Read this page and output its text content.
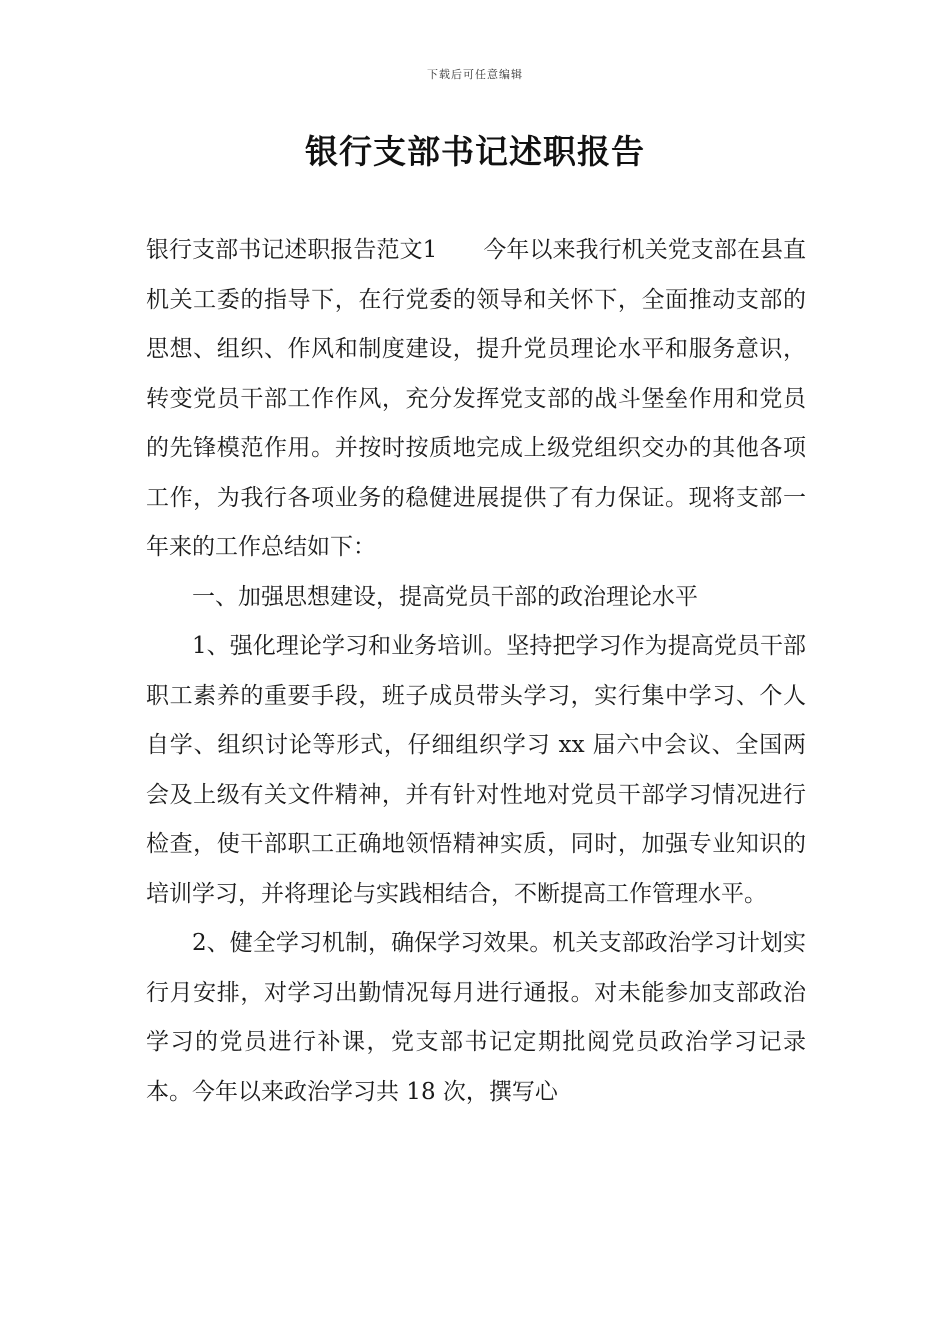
下载后可任意编辑
银行支部书记述职报告

银行支部书记述职报告范文1　　今年以来我行机关党支部在县直机关工委的指导下，在行党委的领导和关怀下，全面推动支部的思想、组织、作风和制度建设，提升党员理论水平和服务意识，转变党员干部工作作风，充分发挥党支部的战斗堡垒作用和党员的先锋模范作用。并按时按质地完成上级党组织交办的其他各项工作，为我行各项业务的稳健进展提供了有力保证。现将支部一年来的工作总结如下：

一、加强思想建设，提高党员干部的政治理论水平

1、强化理论学习和业务培训。坚持把学习作为提高党员干部职工素养的重要手段，班子成员带头学习，实行集中学习、个人自学、组织讨论等形式，仔细组织学习 xx 届六中会议、全国两会及上级有关文件精神，并有针对性地对党员干部学习情况进行检查，使干部职工正确地领悟精神实质，同时，加强专业知识的培训学习，并将理论与实践相结合，不断提高工作管理水平。

2、健全学习机制，确保学习效果。机关支部政治学习计划实行月安排，对学习出勤情况每月进行通报。对未能参加支部政治学习的党员进行补课，党支部书记定期批阅党员政治学习记录本。今年以来政治学习共 18 次，撰写心
